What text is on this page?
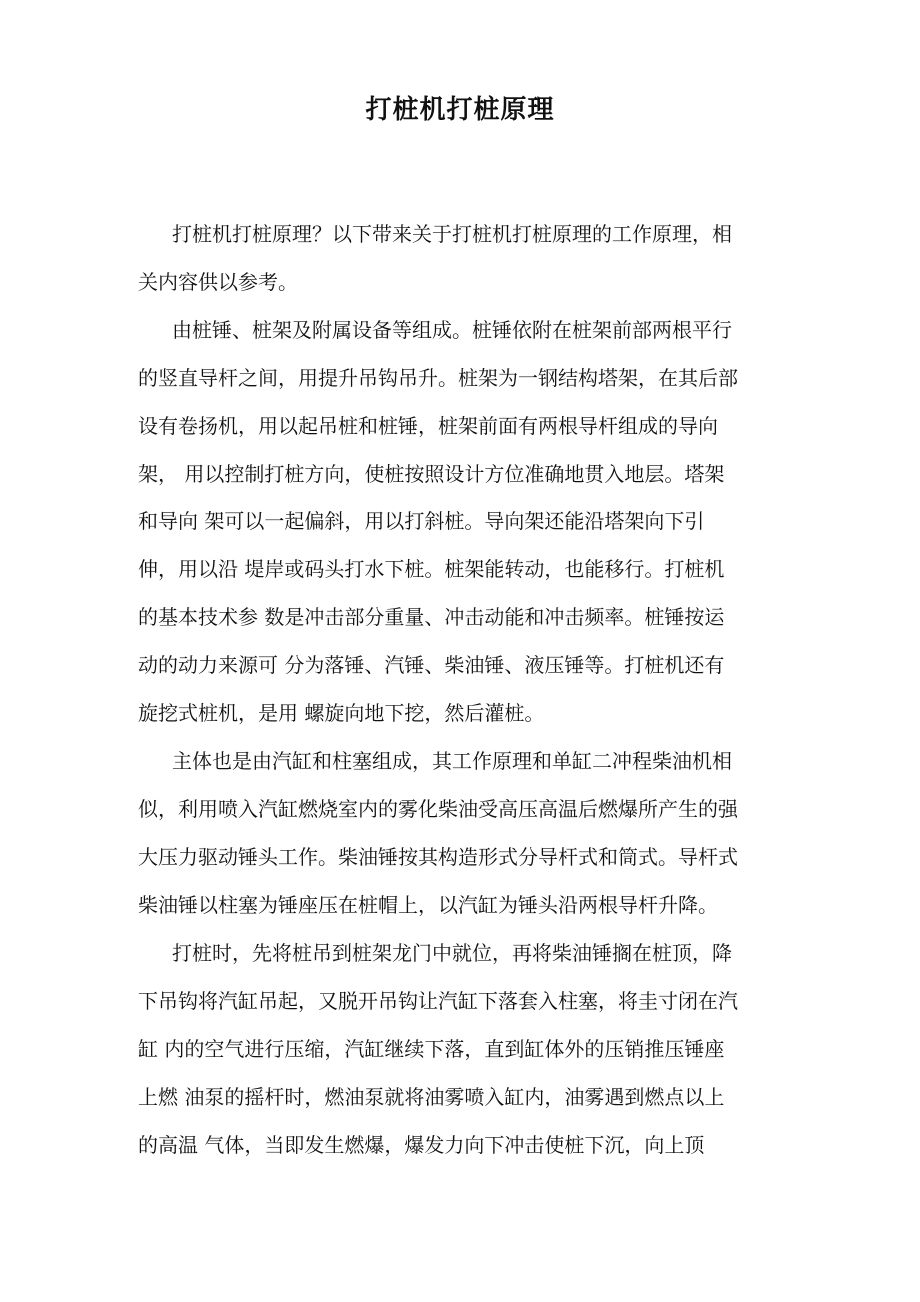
打桩机打桩原理
打桩机打桩原理？以下带来关于打桩机打桩原理的工作原理，相
关内容供以参考。
由桩锤、桩架及附属设备等组成。桩锤依附在桩架前部两根平行
的竖直导杆之间，用提升吊钩吊升。桩架为一钢结构塔架，在其后部
设有卷扬机，用以起吊桩和桩锤，桩架前面有两根导杆组成的导向
架， 用以控制打桩方向，使桩按照设计方位准确地贯入地层。塔架
和导向 架可以一起偏斜，用以打斜桩。导向架还能沿塔架向下引
伸，用以沿 堤岸或码头打水下桩。桩架能转动，也能移行。打桩机
的基本技术参 数是冲击部分重量、冲击动能和冲击频率。桩锤按运
动的动力来源可 分为落锤、汽锤、柴油锤、液压锤等。打桩机还有
旋挖式桩机，是用 螺旋向地下挖，然后灌桩。
主体也是由汽缸和柱塞组成，其工作原理和单缸二冲程柴油机相
似，利用喷入汽缸燃烧室内的雾化柴油受高压高温后燃爆所产生的强
大压力驱动锤头工作。柴油锤按其构造形式分导杆式和筒式。导杆式
柴油锤以柱塞为锤座压在桩帽上，以汽缸为锤头沿两根导杆升降。
打桩时，先将桩吊到桩架龙门中就位，再将柴油锤搁在桩顶，降
下吊钩将汽缸吊起，又脱开吊钩让汽缸下落套入柱塞，将圭寸闭在汽
缸 内的空气进行压缩，汽缸继续下落，直到缸体外的压销推压锤座
上燃 油泵的摇杆时，燃油泵就将油雾喷入缸内，油雾遇到燃点以上
的高温 气体，当即发生燃爆，爆发力向下冲击使桩下沉，向上顶
